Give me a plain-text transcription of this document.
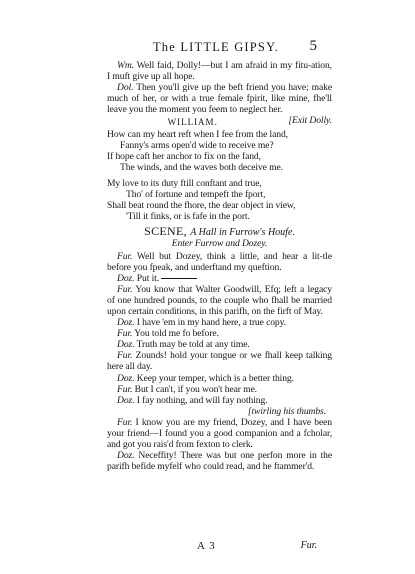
The LITTLE GIPSY.	5

Wm. Well faid, Dolly!—but I am afraid in my fitu-ation, I muft give up all hope.

Dol. Then you'll give up the beft friend you have; make much of her, or with a true female fpirit, like mine, fhe'll leave you the moment you feem to neglect her.
[Exit Dolly.

WILLIAM.

How can my heart reft when I fee from the land,

Fanny's arms open'd wide to receive me?

If hope caft her anchor to fix on the fand,

The winds, and the waves both deceive me.

My love to its duty ftill conftant and true,

Tho' of fortune and tempeft the fport,

Shall beat round the fhore, the dear object in view,

'Till it finks, or is fafe in the port.

SCENE, A Hall in Furrow's Houfe.

Enter Furrow and Dozey.

Fur. Well but Dozey, think a little, and hear a lit-tle before you fpeak, and underftand my queftion.

Doz. Put it.

Fur. You know that Walter Goodwill, Efq; left a legacy of one hundred pounds, to the couple who fhall be married upon certain conditions, in this parifh, on the firft of May.

Doz. I have 'em in my hand here, a true copy.

Fur. You told me fo before.

Doz. Truth may be told at any time.

Fur. Zounds! hold your tongue or we fhall keep talking here all day.

Doz. Keep your temper, which is a better thing.

Fur. But I can't, if you won't hear me.

Doz. I fay nothing, and will fay nothing.

[twirling his thumbs.

Fur. I know you are my friend, Dozey, and I have been your friend—I found you a good companion and a fcholar, and got you rais'd from fexton to clerk.

Doz. Neceffity! There was but one perfon more in the parifh befide myfelf who could read, and he ftammer'd.

A 3	Fur.
